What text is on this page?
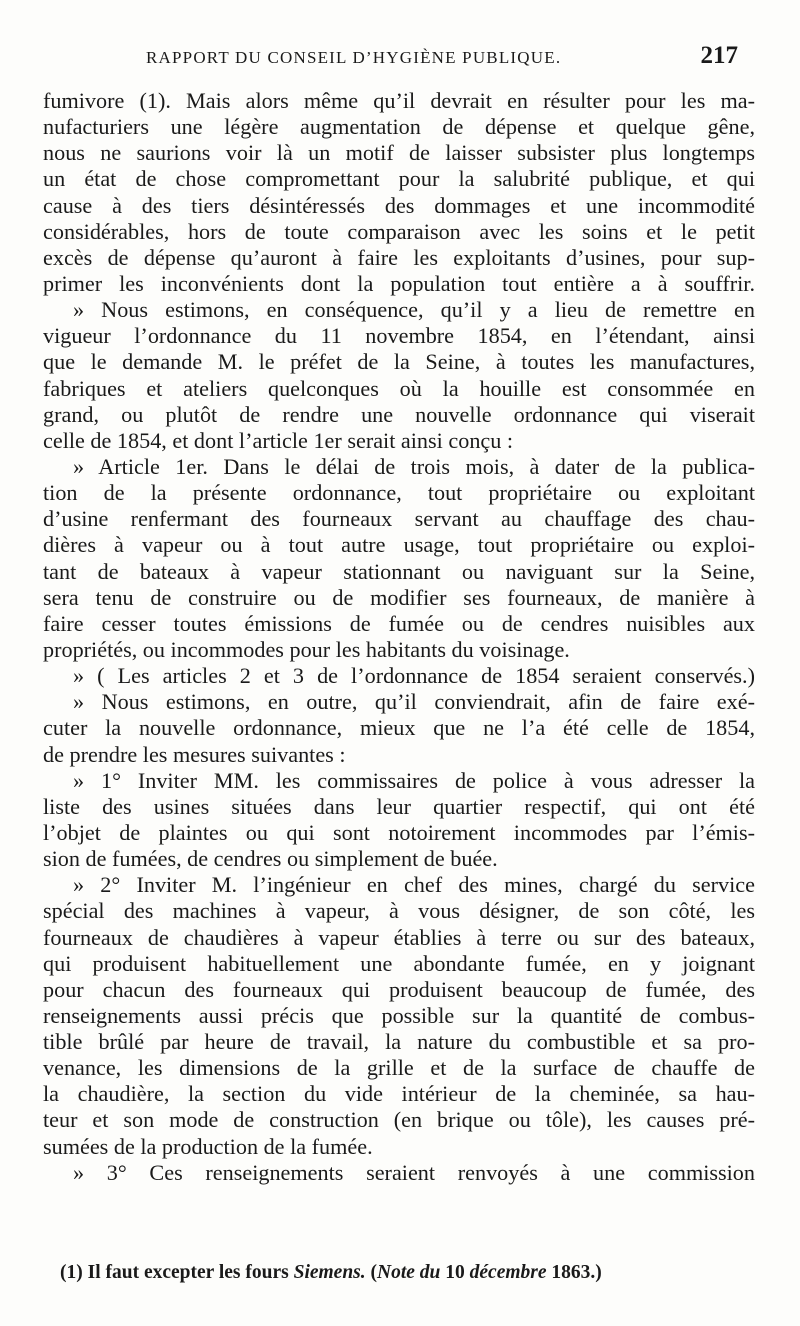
RAPPORT DU CONSEIL D’HYGIÈNE PUBLIQUE.	217
fumivore (1). Mais alors même qu’il devrait en résulter pour les ma-
nufacturiers une légère augmentation de dépense et quelque gêne,
nous ne saurions voir là un motif de laisser subsister plus longtemps
un état de chose compromettant pour la salubrité publique, et qui
cause à des tiers désintéressés des dommages et une incommodité
considérables, hors de toute comparaison avec les soins et le petit
excès de dépense qu’auront à faire les exploitants d’usines, pour sup-
primer les inconvénients dont la population tout entière a à souffrir.
» Nous estimons, en conséquence, qu’il y a lieu de remettre en
vigueur l’ordonnance du 11 novembre 1854, en l’étendant, ainsi
que le demande M. le préfet de la Seine, à toutes les manufactures,
fabriques et ateliers quelconques où la houille est consommée en
grand, ou plutôt de rendre une nouvelle ordonnance qui viserait
celle de 1854, et dont l’article 1er serait ainsi conçu :
» Article 1er. Dans le délai de trois mois, à dater de la publica-
tion de la présente ordonnance, tout propriétaire ou exploitant
d’usine renfermant des fourneaux servant au chauffage des chau-
dières à vapeur ou à tout autre usage, tout propriétaire ou exploi-
tant de bateaux à vapeur stationnant ou naviguant sur la Seine,
sera tenu de construire ou de modifier ses fourneaux, de manière à
faire cesser toutes émissions de fumée ou de cendres nuisibles aux
propriétés, ou incommodes pour les habitants du voisinage.
» ( Les articles 2 et 3 de l’ordonnance de 1854 seraient conservés.)
» Nous estimons, en outre, qu’il conviendrait, afin de faire exé-
cuter la nouvelle ordonnance, mieux que ne l’a été celle de 1854,
de prendre les mesures suivantes :
» 1° Inviter MM. les commissaires de police à vous adresser la
liste des usines situées dans leur quartier respectif, qui ont été
l’objet de plaintes ou qui sont notoirement incommodes par l’émis-
sion de fumées, de cendres ou simplement de buée.
» 2° Inviter M. l’ingénieur en chef des mines, chargé du service
spécial des machines à vapeur, à vous désigner, de son côté, les
fourneaux de chaudières à vapeur établies à terre ou sur des bateaux,
qui produisent habituellement une abondante fumée, en y joignant
pour chacun des fourneaux qui produisent beaucoup de fumée, des
renseignements aussi précis que possible sur la quantité de combus-
tible brûlé par heure de travail, la nature du combustible et sa pro-
venance, les dimensions de la grille et de la surface de chauffe de
la chaudière, la section du vide intérieur de la cheminée, sa hau-
teur et son mode de construction (en brique ou tôle), les causes pré-
sumées de la production de la fumée.
» 3° Ces renseignements seraient renvoyés à une commission
(1) Il faut excepter les fours Siemens. (Note du 10 décembre 1863.)
